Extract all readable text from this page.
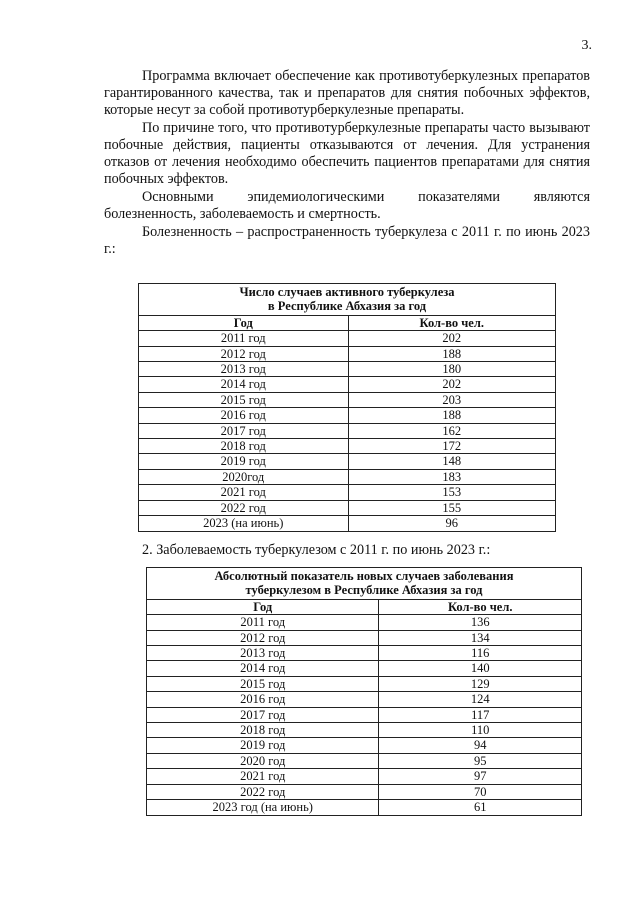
3.

Программа включает обеспечение как противотуберкулезных препаратов гарантированного качества, так и препаратов для снятия побочных эффектов, которые несут за собой противотурберкулезные препараты.

По причине того, что противотурберкулезные препараты часто вызывают побочные действия, пациенты отказываются от лечения. Для устранения отказов от лечения необходимо обеспечить пациентов препаратами для снятия побочных эффектов.

Основными эпидемиологическими показателями являются болезненность, заболеваемость и смертность.

Болезненность – распространенность туберкулеза с 2011 г. по июнь 2023 г.:

Число случаев активного туберкулеза
в Республике Абхазия за год	
Год	Кол-во чел.
2011 год	202
2012 год	188
2013 год	180
2014 год	202
2015 год	203
2016 год	188
2017 год	162
2018 год	172
2019 год	148
2020год	183
2021 год	153
2022 год	155
2023 (на июнь)	96
2. Заболеваемость туберкулезом с 2011 г. по июнь 2023 г.:
Абсолютный показатель новых случаев заболевания
туберкулезом в Республике Абхазия за год	
Год	Кол-во чел.
2011 год	136
2012 год	134
2013 год	116
2014 год	140
2015 год	129
2016 год	124
2017 год	117
2018 год	110
2019 год	94
2020 год	95
2021 год	97
2022 год	70
2023 год (на июнь)	61
